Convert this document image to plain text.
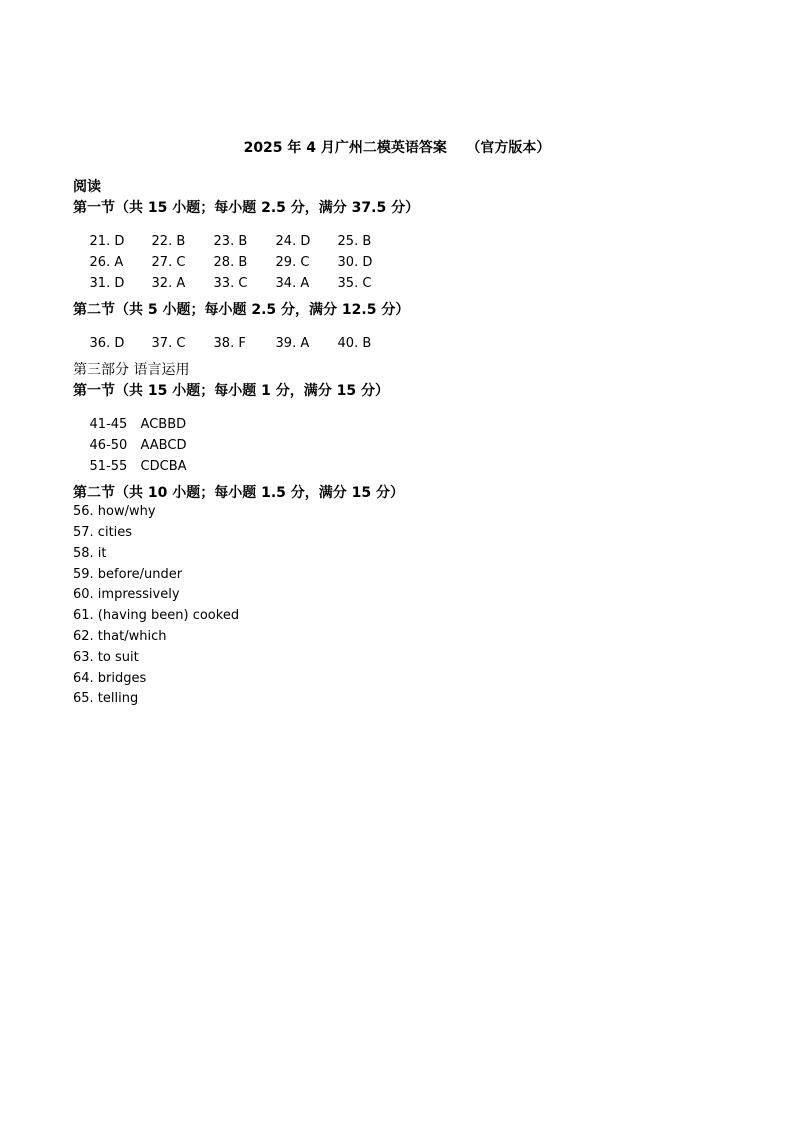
2025 年 4 月广州二模英语答案    （官方版本）
阅读
第一节（共 15 小题；每小题 2.5 分，满分 37.5 分）

21. D 22. B 23. B 24. D 25. B

26. A 27. C 28. B 29. C 30. D

31. D 32. A 33. C 34. A 35. C

第二节（共 5 小题；每小题 2.5 分，满分 12.5 分）

36. D 37. C 38. F 39. A 40. B

第三部分 语言运用
第一节（共 15 小题；每小题 1 分，满分 15 分）

41-45 ACBBD

46-50 AABCD

51-55 CDCBA

第二节（共 10 小题；每小题 1.5 分，满分 15 分）
56. how/why
57. cities
58. it
59. before/under
60. impressively
61. (having been) cooked
62. that/which
63. to suit
64. bridges
65. telling
